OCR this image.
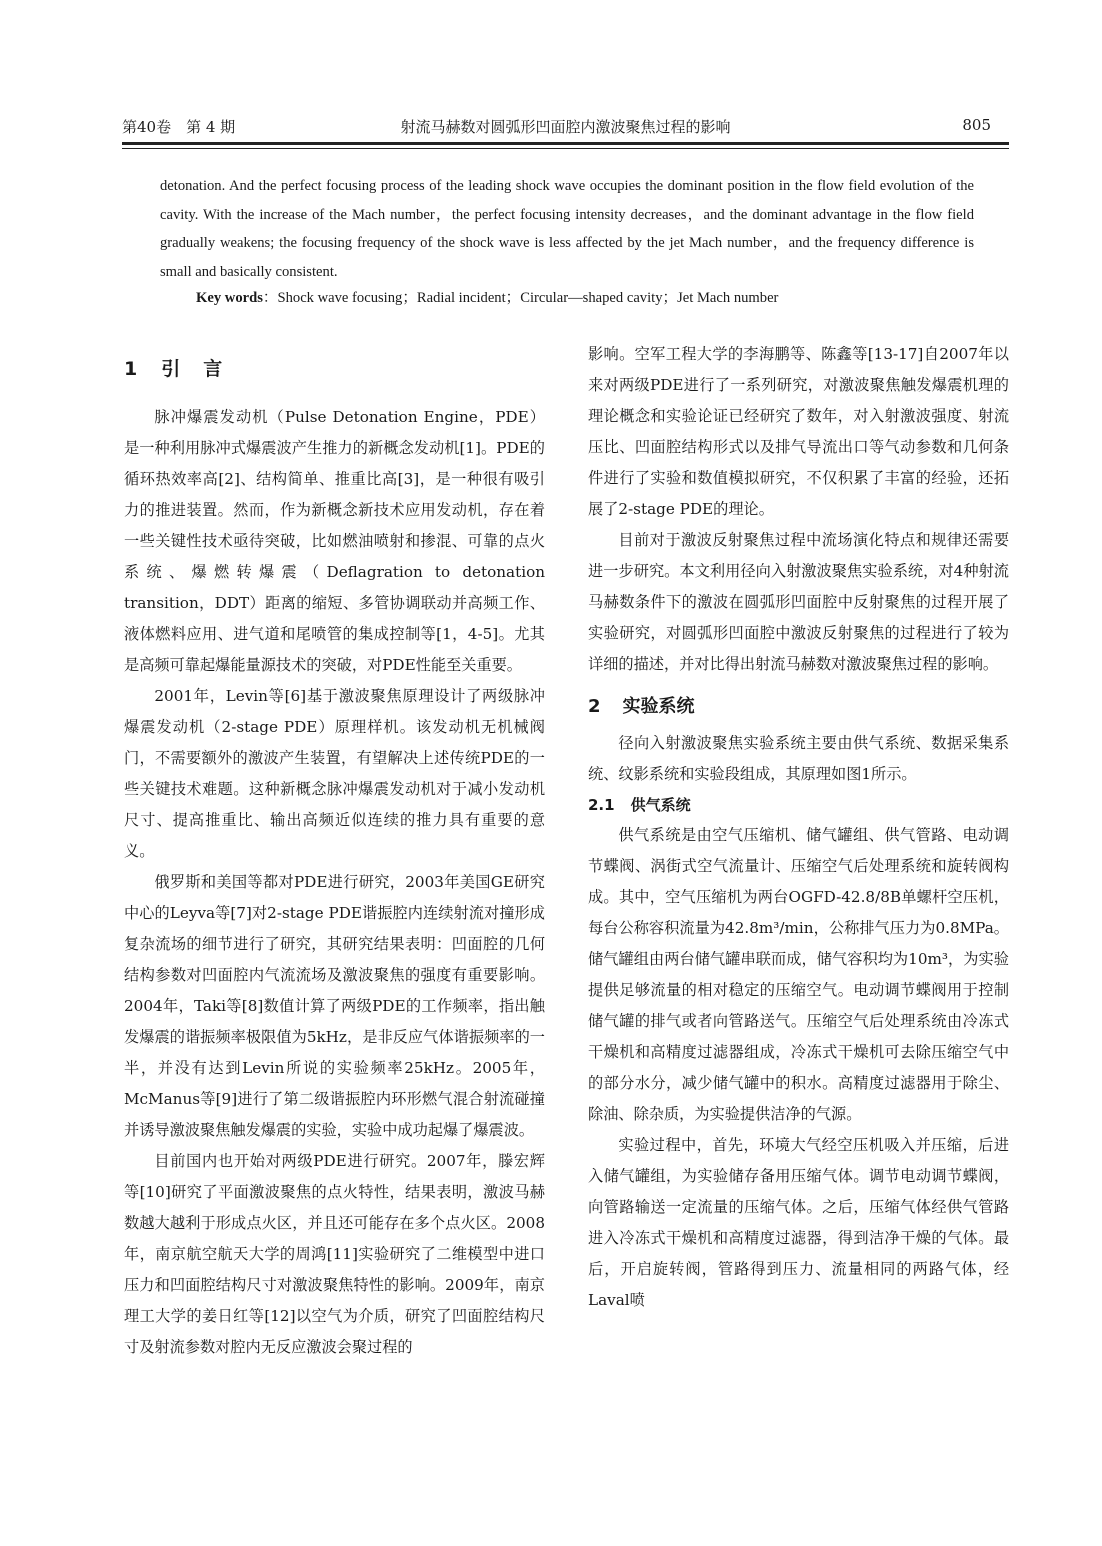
第40卷　第 4 期	射流马赫数对圆弧形凹面腔内激波聚焦过程的影响	805

detonation. And the perfect focusing process of the leading shock wave occupies the dominant position in the flow field evolution of the cavity. With the increase of the Mach number，the perfect focusing intensity decreases，and the dominant advantage in the flow field gradually weakens; the focusing frequency of the shock wave is less affected by the jet Mach number，and the frequency difference is small and basically consistent.

Key words：Shock wave focusing；Radial incident；Circular—shaped cavity；Jet Mach number
1 引　言

脉冲爆震发动机（Pulse Detonation Engine，PDE）是一种利用脉冲式爆震波产生推力的新概念发动机[1]。PDE的循环热效率高[2]、结构简单、推重比高[3]，是一种很有吸引力的推进装置。然而，作为新概念新技术应用发动机，存在着一些关键性技术亟待突破，比如燃油喷射和掺混、可靠的点火系统、爆燃转爆震（Deflagration to detonation transition，DDT）距离的缩短、多管协调联动并高频工作、液体燃料应用、进气道和尾喷管的集成控制等[1，4-5]。尤其是高频可靠起爆能量源技术的突破，对PDE性能至关重要。

2001年，Levin等[6]基于激波聚焦原理设计了两级脉冲爆震发动机（2-stage PDE）原理样机。该发动机无机械阀门，不需要额外的激波产生装置，有望解决上述传统PDE的一些关键技术难题。这种新概念脉冲爆震发动机对于减小发动机尺寸、提高推重比、输出高频近似连续的推力具有重要的意义。

俄罗斯和美国等都对PDE进行研究，2003年美国GE研究中心的Leyva等[7]对2-stage PDE谐振腔内连续射流对撞形成复杂流场的细节进行了研究，其研究结果表明：凹面腔的几何结构参数对凹面腔内气流流场及激波聚焦的强度有重要影响。2004年，Taki等[8]数值计算了两级PDE的工作频率，指出触发爆震的谐振频率极限值为5kHz，是非反应气体谐振频率的一半，并没有达到Levin所说的实验频率25kHz。2005年，McManus等[9]进行了第二级谐振腔内环形燃气混合射流碰撞并诱导激波聚焦触发爆震的实验，实验中成功起爆了爆震波。

目前国内也开始对两级PDE进行研究。2007年，滕宏辉等[10]研究了平面激波聚焦的点火特性，结果表明，激波马赫数越大越利于形成点火区，并且还可能存在多个点火区。2008年，南京航空航天大学的周鸿[11]实验研究了二维模型中进口压力和凹面腔结构尺寸对激波聚焦特性的影响。2009年，南京理工大学的姜日红等[12]以空气为介质，研究了凹面腔结构尺寸及射流参数对腔内无反应激波会聚过程的

影响。空军工程大学的李海鹏等、陈鑫等[13-17]自2007年以来对两级PDE进行了一系列研究，对激波聚焦触发爆震机理的理论概念和实验论证已经研究了数年，对入射激波强度、射流压比、凹面腔结构形式以及排气导流出口等气动参数和几何条件进行了实验和数值模拟研究，不仅积累了丰富的经验，还拓展了2-stage PDE的理论。

目前对于激波反射聚焦过程中流场演化特点和规律还需要进一步研究。本文利用径向入射激波聚焦实验系统，对4种射流马赫数条件下的激波在圆弧形凹面腔中反射聚焦的过程开展了实验研究，对圆弧形凹面腔中激波反射聚焦的过程进行了较为详细的描述，并对比得出射流马赫数对激波聚焦过程的影响。

2 实验系统

径向入射激波聚焦实验系统主要由供气系统、数据采集系统、纹影系统和实验段组成，其原理如图1所示。

2.1 供气系统

供气系统是由空气压缩机、储气罐组、供气管路、电动调节蝶阀、涡街式空气流量计、压缩空气后处理系统和旋转阀构成。其中，空气压缩机为两台OGFD-42.8/8B单螺杆空压机，每台公称容积流量为42.8m³/min，公称排气压力为0.8MPa。储气罐组由两台储气罐串联而成，储气容积均为10m³，为实验提供足够流量的相对稳定的压缩空气。电动调节蝶阀用于控制储气罐的排气或者向管路送气。压缩空气后处理系统由冷冻式干燥机和高精度过滤器组成，冷冻式干燥机可去除压缩空气中的部分水分，减少储气罐中的积水。高精度过滤器用于除尘、除油、除杂质，为实验提供洁净的气源。

实验过程中，首先，环境大气经空压机吸入并压缩，后进入储气罐组，为实验储存备用压缩气体。调节电动调节蝶阀，向管路输送一定流量的压缩气体。之后，压缩气体经供气管路进入冷冻式干燥机和高精度过滤器，得到洁净干燥的气体。最后，开启旋转阀，管路得到压力、流量相同的两路气体，经Laval喷
